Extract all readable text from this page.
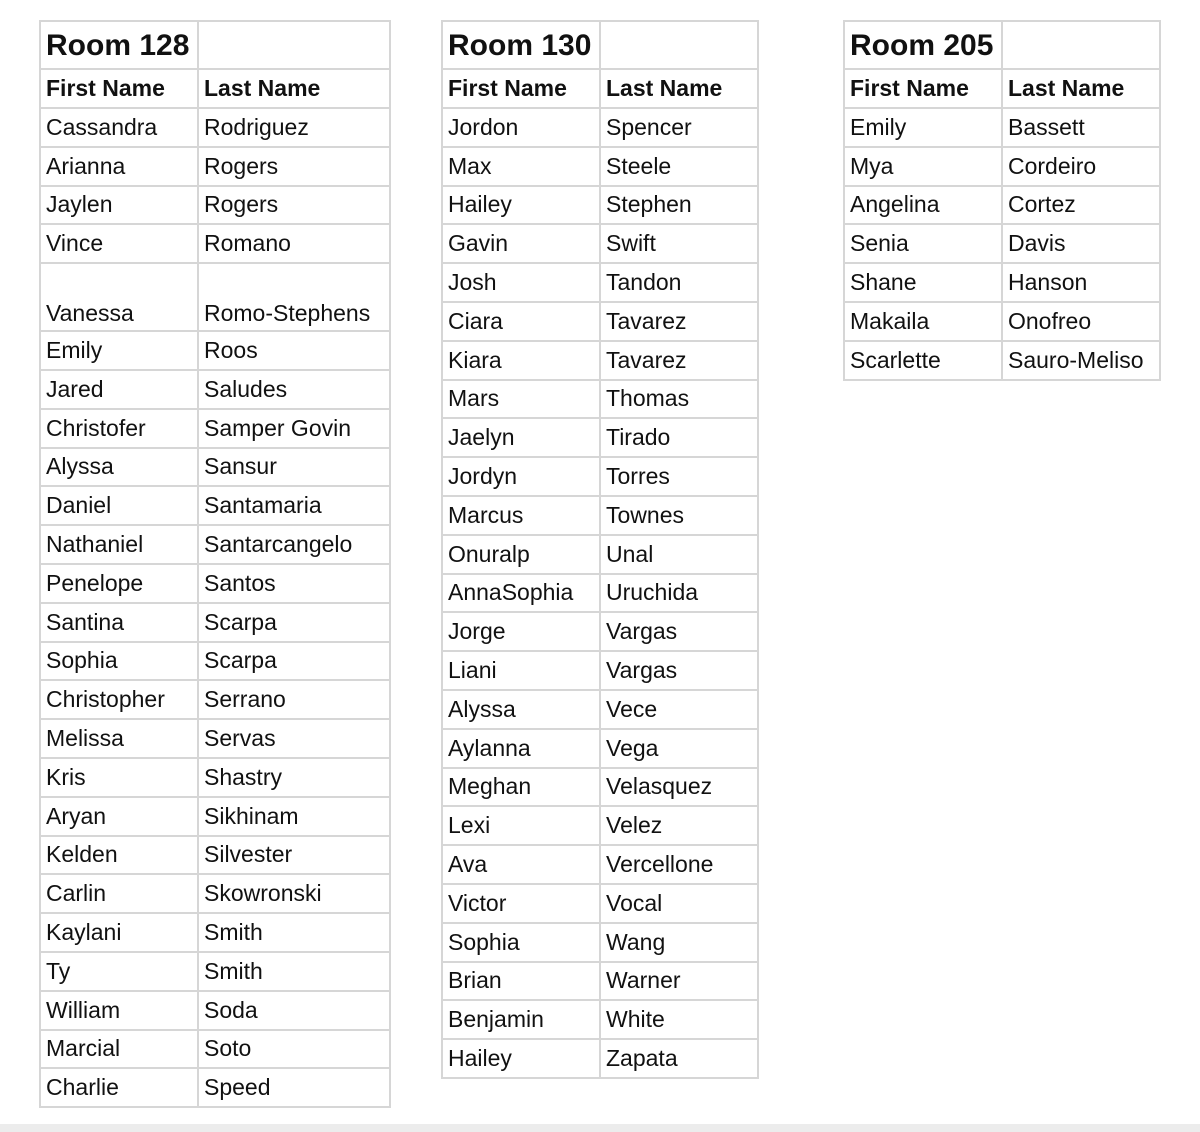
Room 128	
First Name	Last Name
Cassandra	Rodriguez
Arianna	Rogers
Jaylen	Rogers
Vince	Romano
Vanessa	Romo-Stephens
Emily	Roos
Jared	Saludes
Christofer	Samper Govin
Alyssa	Sansur
Daniel	Santamaria
Nathaniel	Santarcangelo
Penelope	Santos
Santina	Scarpa
Sophia	Scarpa
Christopher	Serrano
Melissa	Servas
Kris	Shastry
Aryan	Sikhinam
Kelden	Silvester
Carlin	Skowronski
Kaylani	Smith
Ty	Smith
William	Soda
Marcial	Soto
Charlie	Speed
Room 130	
First Name	Last Name
Jordon	Spencer
Max	Steele
Hailey	Stephen
Gavin	Swift
Josh	Tandon
Ciara	Tavarez
Kiara	Tavarez
Mars	Thomas
Jaelyn	Tirado
Jordyn	Torres
Marcus	Townes
Onuralp	Unal
AnnaSophia	Uruchida
Jorge	Vargas
Liani	Vargas
Alyssa	Vece
Aylanna	Vega
Meghan	Velasquez
Lexi	Velez
Ava	Vercellone
Victor	Vocal
Sophia	Wang
Brian	Warner
Benjamin	White
Hailey	Zapata
Room 205	
First Name	Last Name
Emily	Bassett
Mya	Cordeiro
Angelina	Cortez
Senia	Davis
Shane	Hanson
Makaila	Onofreo
Scarlette	Sauro-Meliso
